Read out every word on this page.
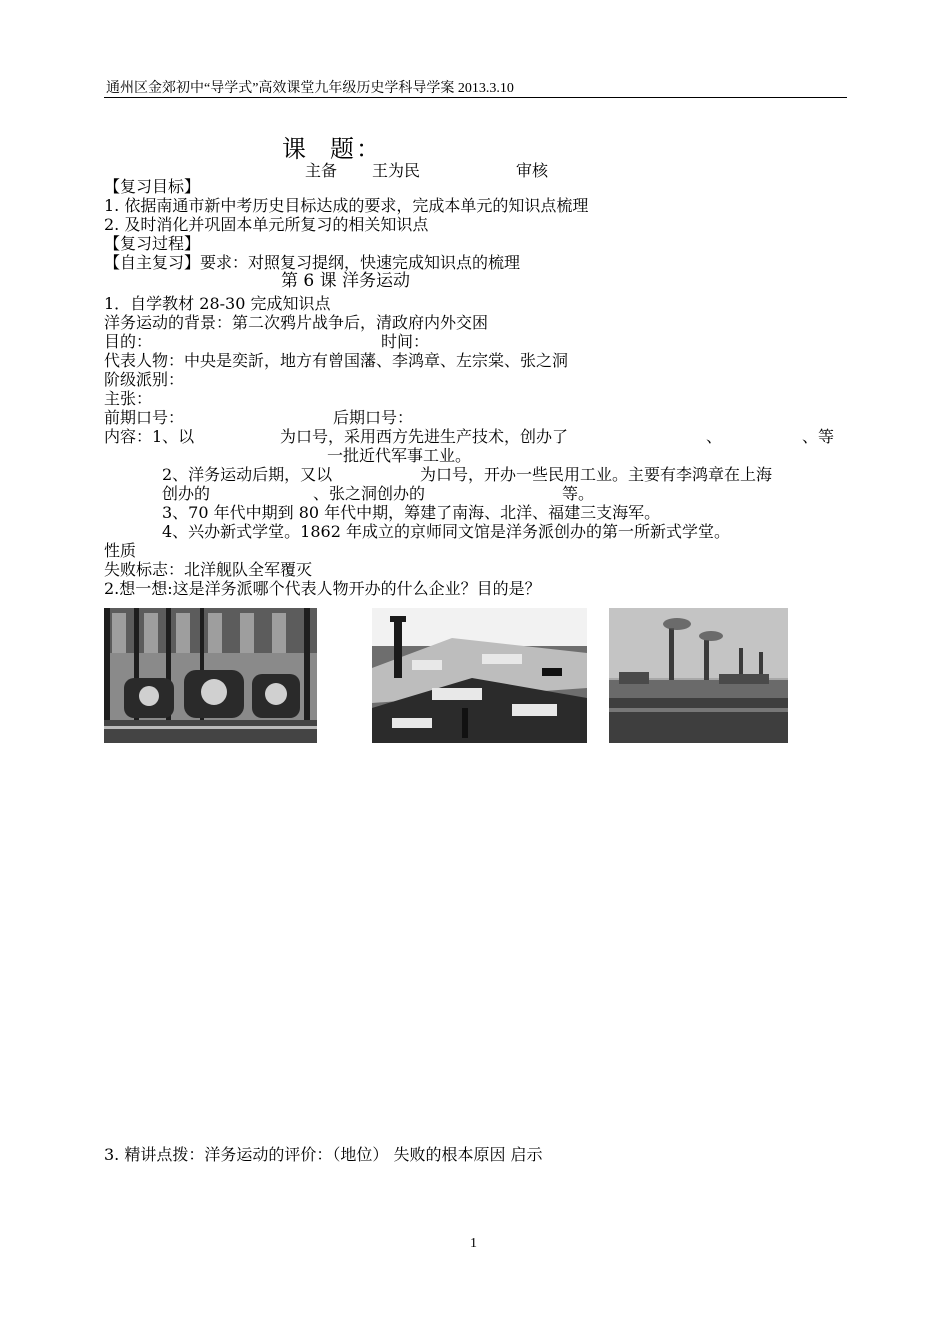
通州区金郊初中“导学式”高效课堂九年级历史学科导学案 2013.3.10
课 题：
主备 王为民	审核
【复习目标】
1. 依据南通市新中考历史目标达成的要求，完成本单元的知识点梳理
2. 及时消化并巩固本单元所复习的相关知识点
【复习过程】
【自主复习】要求：对照复习提纲，快速完成知识点的梳理
第 6 课 洋务运动
1．自学教材 28-30 完成知识点
洋务运动的背景：第二次鸦片战争后，清政府内外交困
目的：	时间：
代表人物：中央是奕訢，地方有曾国藩、李鸿章、左宗棠、张之洞
阶级派别：
主张：
前期口号：	后期口号：
内容：1、以	为口号，采用西方先进生产技术，创办了	、	、等
一批近代军事工业。
2、洋务运动后期，又以	为口号，开办一些民用工业。主要有李鸿章在上海
创办的	、张之洞创办的	等。
3、70 年代中期到 80 年代中期，筹建了南海、北洋、福建三支海军。
4、兴办新式学堂。1862 年成立的京师同文馆是洋务派创办的第一所新式学堂。
性质
失败标志：北洋舰队全军覆灭
2.想一想:这是洋务派哪个代表人物开办的什么企业？目的是？
3. 精讲点拨：洋务运动的评价：（地位） 失败的根本原因 启示
1
